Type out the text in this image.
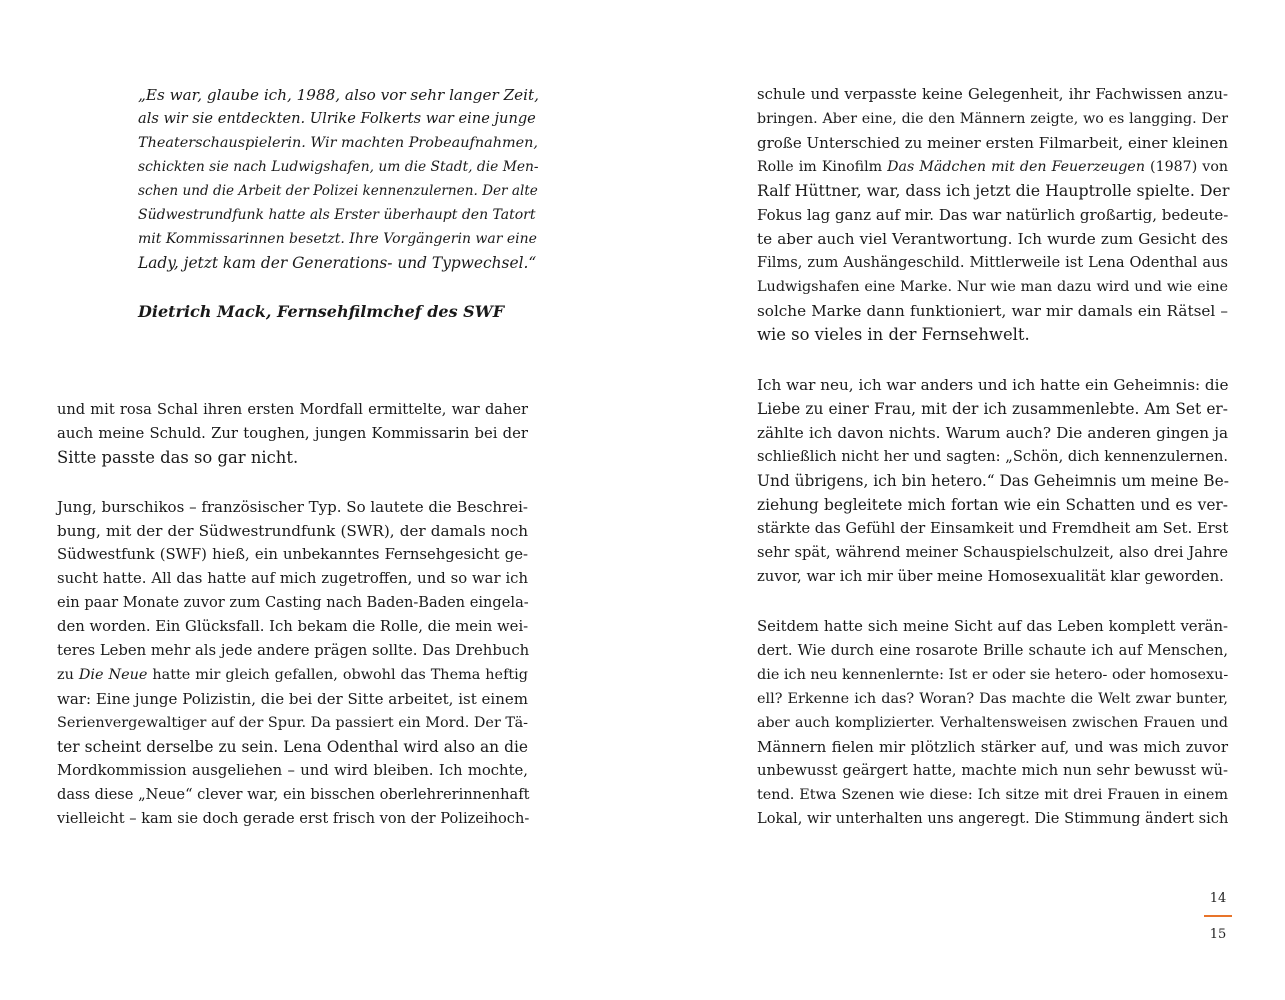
„Es war, glaube ich, 1988, also vor sehr langer Zeit,
als wir sie entdeckten. Ulrike Folkerts war eine junge
Theaterschauspielerin. Wir machten Probeaufnahmen,
schickten sie nach Ludwigshafen, um die Stadt, die Men-
schen und die Arbeit der Polizei kennenzulernen. Der alte
Südwestrundfunk hatte als Erster überhaupt den Tatort
mit Kommissarinnen besetzt. Ihre Vorgängerin war eine
Lady, jetzt kam der Generations- und Typwechsel.“
Dietrich Mack, Fernsehfilmchef des SWF
und mit rosa Schal ihren ersten Mordfall ermittelte, war daher
auch meine Schuld. Zur toughen, jungen Kommissarin bei der
Sitte passte das so gar nicht.
Jung, burschikos – französischer Typ. So lautete die Beschrei-
bung, mit der der Südwestrundfunk (SWR), der damals noch
Südwestfunk (SWF) hieß, ein unbekanntes Fernsehgesicht ge-
sucht hatte. All das hatte auf mich zugetroffen, und so war ich
ein paar Monate zuvor zum Casting nach Baden-Baden eingela-
den worden. Ein Glücksfall. Ich bekam die Rolle, die mein wei-
teres Leben mehr als jede andere prägen sollte. Das Drehbuch
zu Die Neue hatte mir gleich gefallen, obwohl das Thema heftig
war: Eine junge Polizistin, die bei der Sitte arbeitet, ist einem
Serienvergewaltiger auf der Spur. Da passiert ein Mord. Der Tä-
ter scheint derselbe zu sein. Lena Odenthal wird also an die
Mordkommission ausgeliehen – und wird bleiben. Ich mochte,
dass diese „Neue“ clever war, ein bisschen oberlehrerinnenhaft
vielleicht – kam sie doch gerade erst frisch von der Polizeihoch-
schule und verpasste keine Gelegenheit, ihr Fachwissen anzu-
bringen. Aber eine, die den Männern zeigte, wo es langging. Der
große Unterschied zu meiner ersten Filmarbeit, einer kleinen
Rolle im Kinofilm Das Mädchen mit den Feuerzeugen (1987) von
Ralf Hüttner, war, dass ich jetzt die Hauptrolle spielte. Der
Fokus lag ganz auf mir. Das war natürlich großartig, bedeute-
te aber auch viel Verantwortung. Ich wurde zum Gesicht des
Films, zum Aushängeschild. Mittlerweile ist Lena Odenthal aus
Ludwigshafen eine Marke. Nur wie man dazu wird und wie eine
solche Marke dann funktioniert, war mir damals ein Rätsel –
wie so vieles in der Fernsehwelt.
Ich war neu, ich war anders und ich hatte ein Geheimnis: die
Liebe zu einer Frau, mit der ich zusammenlebte. Am Set er-
zählte ich davon nichts. Warum auch? Die anderen gingen ja
schließlich nicht her und sagten: „Schön, dich kennenzulernen.
Und übrigens, ich bin hetero.“ Das Geheimnis um meine Be-
ziehung begleitete mich fortan wie ein Schatten und es ver-
stärkte das Gefühl der Einsamkeit und Fremdheit am Set. Erst
sehr spät, während meiner Schauspielschulzeit, also drei Jahre
zuvor, war ich mir über meine Homosexualität klar geworden.
Seitdem hatte sich meine Sicht auf das Leben komplett verän-
dert. Wie durch eine rosarote Brille schaute ich auf Menschen,
die ich neu kennenlernte: Ist er oder sie hetero- oder homosexu-
ell? Erkenne ich das? Woran? Das machte die Welt zwar bunter,
aber auch komplizierter. Verhaltensweisen zwischen Frauen und
Männern fielen mir plötzlich stärker auf, und was mich zuvor
unbewusst geärgert hatte, machte mich nun sehr bewusst wü-
tend. Etwa Szenen wie diese: Ich sitze mit drei Frauen in einem
Lokal, wir unterhalten uns angeregt. Die Stimmung ändert sich
14
15
